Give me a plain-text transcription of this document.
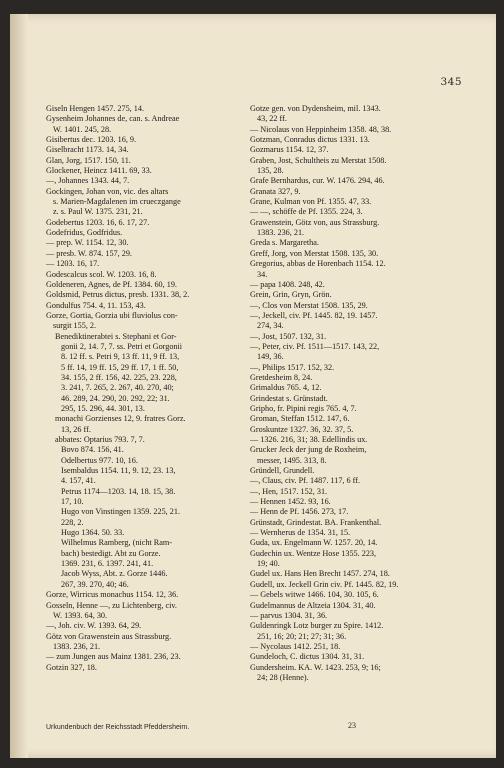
345
Giseln Hengen 1457. 275, 14.
Gysenheim Johannes de, can. s. Andreae
W. 1401. 245, 28.
Gisibertus dec. 1203. 16, 9.
Giselbracht 1173. 14, 34.
Glan, Jorg, 1517. 150, 11.
Glockener, Heincz 1411. 69, 33.
—, Johannes 1343. 44, 7.
Gockingen, Johan von, vic. des altars
s. Marien-Magdalenen im crueczgange
z. s. Paul W. 1375. 231, 21.
Godebertus 1203. 16, 6. 17, 27.
Godefridus, Godfridus.
— prep. W. 1154. 12, 30.
— presb. W. 874. 157, 29.
— 1203. 16, 17.
Godescalcus scol. W. 1203. 16, 8.
Goldeneren, Agnes, de Pf. 1384. 60, 19.
Goldsmid, Petrus dictus, presb. 1331. 38, 2.
Gondulfus 754. 4, 11. 153, 43.
Gorze, Gortia, Gorzia ubi fluviolus con-
surgit 155, 2.
Benediktinerabtei s. Stephani et Gor-
gonii 2, 14. 7, 7. ss. Petri et Gorgonii
8. 12 ff. s. Petri 9, 13 ff. 11, 9 ff. 13,
5 ff. 14, 19 ff. 15, 29 ff. 17, 1 ff. 50,
34. 155, 2 ff. 156, 42. 225, 23. 228,
3. 241, 7. 265, 2. 267, 40. 270, 40;
46. 289, 24. 290, 20. 292, 22; 31.
295, 15. 296, 44. 301, 13.
monachi Gorzienses 12, 9. fratres Gorz.
13, 26 ff.
abbates: Optarius 793. 7, 7.
Bovo 874. 156, 41.
Odelbertus 977. 10, 16.
Isembaldus 1154. 11, 9. 12, 23. 13,
4. 157, 41.
Petrus 1174—1203. 14, 18. 15, 38.
17, 10.
Hugo von Vinstingen 1359. 225, 21.
228, 2.
Hugo 1364. 50. 33.
Wilhelmus Ramberg, (nicht Ram-
bach) bestedigt. Abt zu Gorze.
1369. 231, 6. 1397. 241, 41.
Jacob Wyss, Abt. z. Gorze 1446.
267, 39. 270, 40; 46.
Gorze, Wirricus monachus 1154. 12, 36.
Gosseln, Henne —, zu Lichtenberg, civ.
W. 1393. 64, 30.
—, Joh. civ. W. 1393. 64, 29.
Götz von Grawenstein aus Strassburg.
1383. 236, 21.
— zum Jungen aus Mainz 1381. 236, 23.
Gotzin 327, 18.
Gotze gen. von Dydensheim, mil. 1343.
43, 22 ff.
— Nicolaus von Heppinheim 1358. 48, 38.
Gotzman, Conradus dictus 1331. 13.
Gozmarus 1154. 12, 37.
Graben, Jost, Schultheis zu Merstat 1508.
135, 28.
Grafe Bernhardus, cur. W. 1476. 294, 46.
Granata 327, 9.
Grane, Kulman von Pf. 1355. 47, 33.
— —, schöffe de Pf. 1355. 224, 3.
Grawenstein, Götz von, aus Strassburg.
1383. 236, 21.
Greda s. Margaretha.
Greff, Jorg, von Merstat 1508. 135, 30.
Gregorius, abbas de Horenbach 1154. 12.
34.
— papa 1408. 248, 42.
Grein, Grin, Gryn, Grön.
—, Clos von Merstat 1508. 135, 29.
—, Jeckell, civ. Pf. 1445. 82, 19. 1457.
274, 34.
—, Jost, 1507. 132, 31.
—, Peter, civ. Pf. 1511—1517. 143, 22,
149, 36.
—, Philips 1517. 152, 32.
Gretdesheim 8, 24.
Grimaldus 765. 4, 12.
Grindestat s. Grünstadt.
Gripho, fr. Pipini regis 765. 4, 7.
Groman, Steffan 1512. 147, 6.
Groskuntze 1327. 36, 32. 37, 5.
— 1326. 216, 31; 38. Edellindis ux.
Grucker Jeck der jung de Roxheim,
messer, 1495. 313, 8.
Gründell, Grundell.
—, Claus, civ. Pf. 1487. 117, 6 ff.
—, Hen, 1517. 152, 31.
— Hennen 1452. 93, 16.
— Henn de Pf. 1456. 273, 17.
Grünstadt, Grindestat. BA. Frankenthal.
— Wernherus de 1354. 31, 15.
Guda, ux. Engelmann W. 1257. 20, 14.
Gudechin ux. Wentze Hose 1355. 223,
19; 40.
Gudel ux. Hans Hen Brecht 1457. 274, 18.
Gudell, ux. Jeckell Grin civ. Pf. 1445. 82, 19.
— Gebels witwe 1466. 104, 30. 105, 6.
Gudelmannus de Altzeia 1304. 31, 40.
— parvus 1304. 31, 36.
Guldenringk Lotz burger zu Spire. 1412.
251, 16; 20; 21; 27; 31; 36.
— Nycolaus 1412. 251, 18.
Gundeloch, C. dictus 1304. 31, 31.
Gundersheim. KA. W. 1423. 253, 9; 16;
24; 28 (Henne).
Urkundenbuch der Reichsstadt Pfeddersheim.	23
